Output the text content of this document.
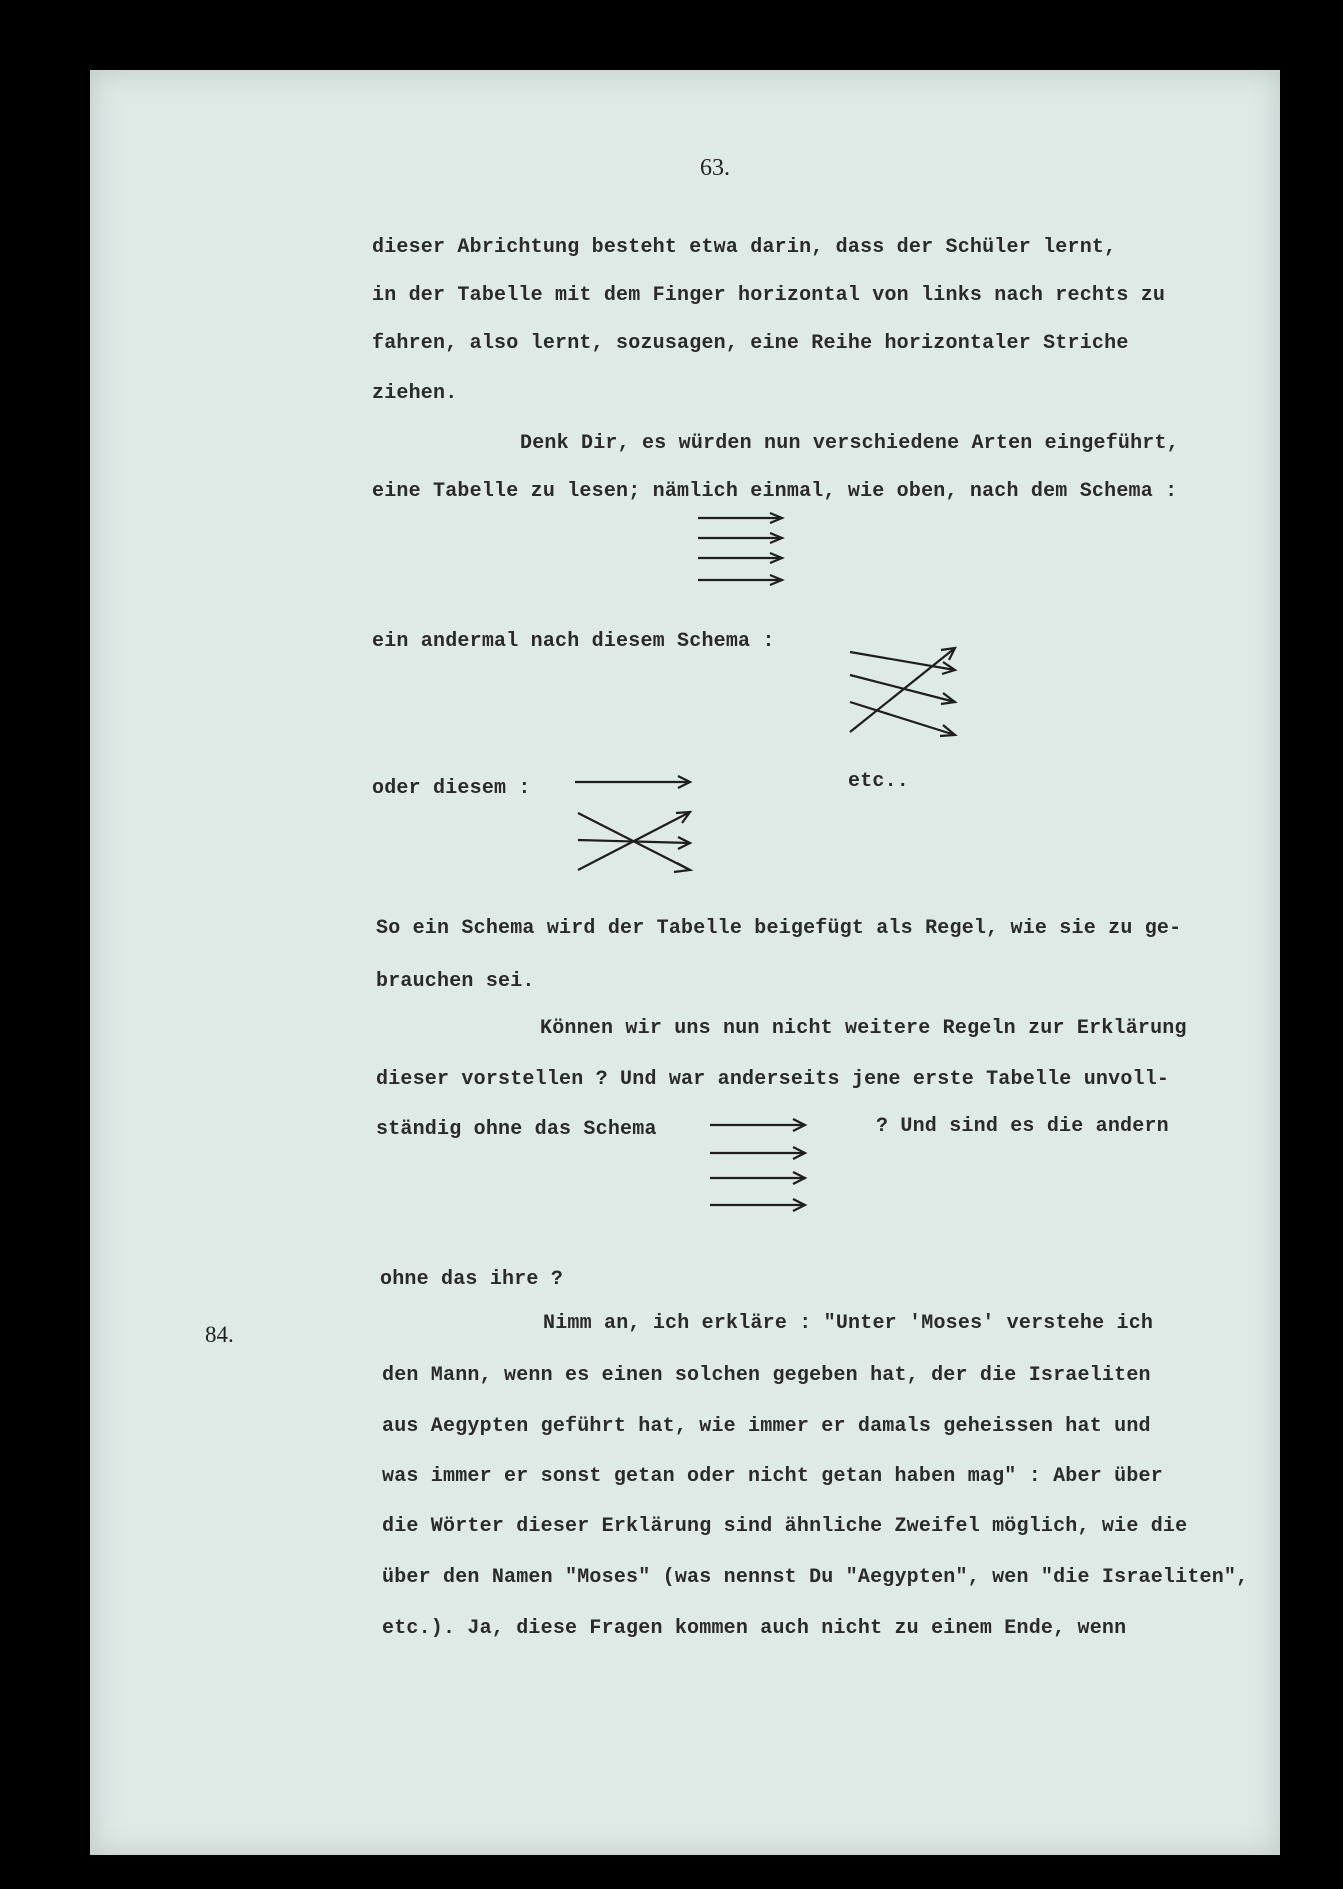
63.
dieser Abrichtung besteht etwa darin, dass der Schüler lernt,
in der Tabelle mit dem Finger horizontal von links nach rechts zu
fahren, also lernt, sozusagen, eine Reihe horizontaler Striche
ziehen.
Denk Dir, es würden nun verschiedene Arten eingeführt,
eine Tabelle zu lesen; nämlich einmal, wie oben, nach dem Schema :
ein andermal nach diesem Schema :
oder diesem :	etc..
So ein Schema wird der Tabelle beigefügt als Regel, wie sie zu ge-
brauchen sei.
Können wir uns nun nicht weitere Regeln zur Erklärung
dieser vorstellen ? Und war anderseits jene erste Tabelle unvoll-
ständig ohne das Schema	? Und sind es die andern
ohne das ihre ?
84.	Nimm an, ich erkläre : "Unter 'Moses' verstehe ich
den Mann, wenn es einen solchen gegeben hat, der die Israeliten
aus Aegypten geführt hat, wie immer er damals geheissen hat und
was immer er sonst getan oder nicht getan haben mag" : Aber über
die Wörter dieser Erklärung sind ähnliche Zweifel möglich, wie die
über den Namen "Moses" (was nennst Du "Aegypten", wen "die Israeliten",
etc.). Ja, diese Fragen kommen auch nicht zu einem Ende, wenn
